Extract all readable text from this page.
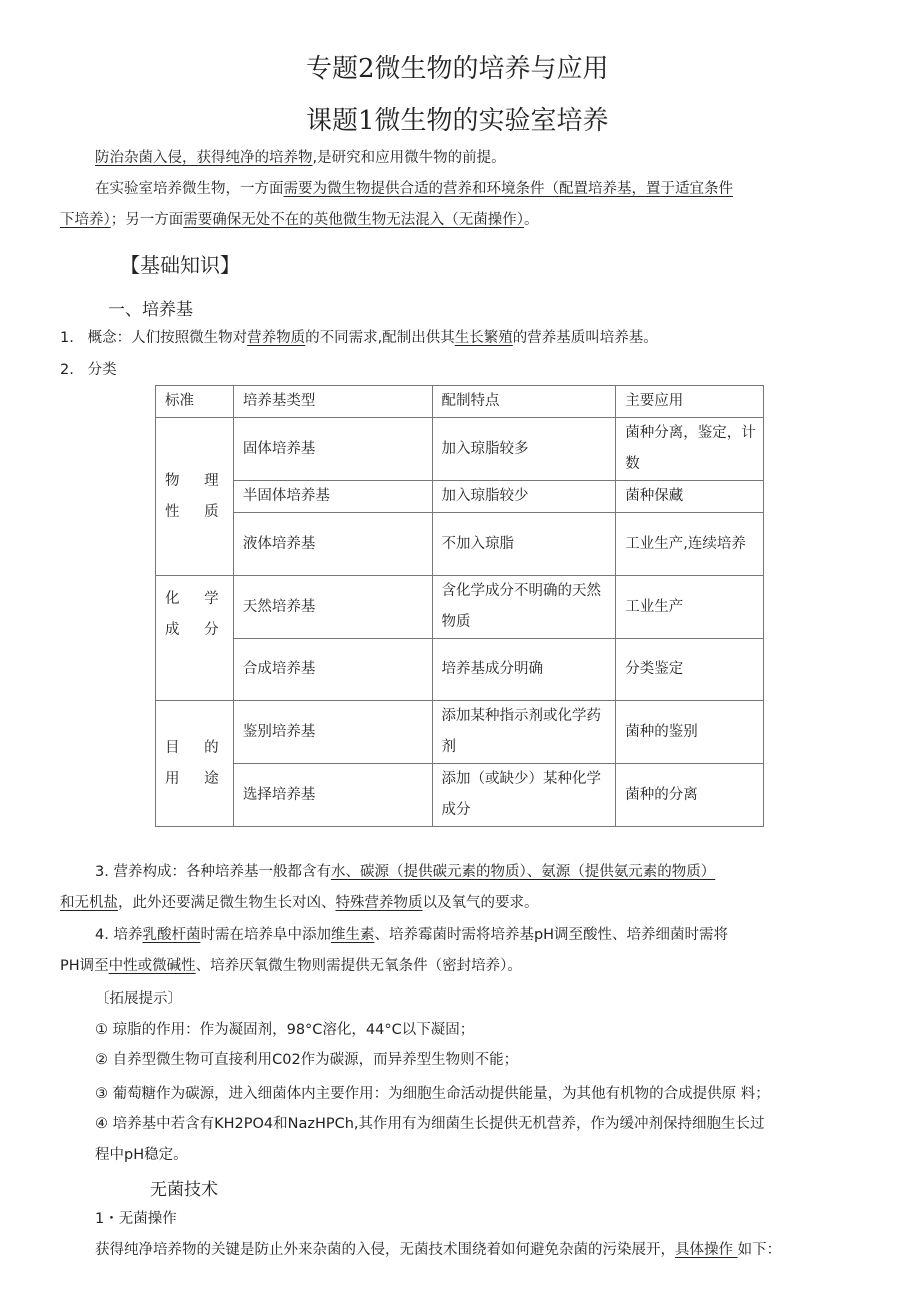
专题2微生物的培养与应用
课题1微生物的实验室培养
防治杂菌入侵，获得纯净的培养物,是研究和应用微牛物的前提。
在实验室培养微生物，一方面需要为微生物提供合适的营养和环境条件（配置培养基，置于适宜条件
下培养）；另一方面需要确保无处不在的英他微生物无法混入（无菌操作）。
【基础知识】
一、培养基
1. 概念：人们按照微生物对营养物质的不同需求,配制出供其生长繁殖的营养基质叫培养基。
2. 分类
标准	培养基类型	配制特点	主要应用
物 理 性 质	固体培养基	加入琼脂较多	菌种分离，鉴定，计数
	半固体培养基	加入琼脂较少	菌种保藏
	液体培养基	不加入琼脂	工业生产,连续培养
化 学 成 分	天然培养基	含化学成分不明确的天然物质	工业生产
	合成培养基	培养基成分明确	分类鉴定
目 的 用 途	鉴别培养基	添加某种指示剂或化学药剂	菌种的鉴别
	选择培养基	添加（或缺少）某种化学成分	菌种的分离
3. 营养构成：各种培养基一般都含有水、碳源（提供碳元素的物质）、氨源（提供氨元素的物质）
和无机盐，此外还要满足微生物生长对凶、特殊营养物质以及氧气的要求。
4. 培养乳酸杆菌时需在培养阜中添加维生素、培养霉菌时需将培养基pH调至酸性、培养细菌时需将
PH调至中性或微碱性、培养厌氧微生物则需提供无氧条件（密封培养）。
〔拓展提示〕
① 琼脂的作用：作为凝固剂，98°C溶化，44°C以下凝固；
② 自养型微生物可直接利用C02作为碳源，而异养型生物则不能；
③ 葡萄糖作为碳源，进入细菌体内主要作用：为细胞生命活动提供能量，为其他有机物的合成提供原 料；
④ 培养基中若含有KH2PO4和NazHPCh,其作用有为细菌生长提供无机营养，作为缓冲剂保持细胞生长过
程中pH稳定。
无菌技术
1・无菌操作
获得纯净培养物的关键是防止外来杂菌的入侵，无菌技术围绕着如何避免杂菌的污染展开，具体操作 如下：
